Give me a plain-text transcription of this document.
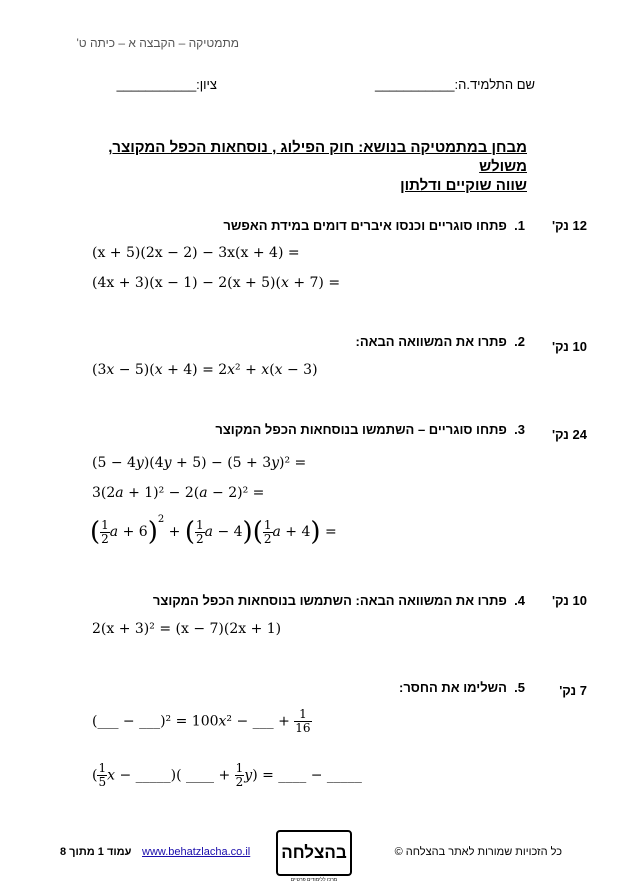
מתמטיקה – הקבצה א – כיתה ט'
שם התלמיד.ה:___________
ציון:___________
מבחן במתמטיקה בנושא: חוק הפילוג , נוסחאות הכפל המקוצר, משולש
שווה שוקיים ודלתון
12 נק'
1.  פתחו סוגריים וכנסו איברים דומים במידת האפשר
(x + 5)(2x − 2) − 3x(x + 4) =
(4x + 3)(x − 1) − 2(x + 5)(𝑥 + 7) =
10 נק'
2.  פתרו את המשוואה הבאה:
(3𝑥 − 5)(𝑥 + 4) = 2𝑥² + 𝑥(𝑥 − 3)
24 נק'
3.  פתחו סוגריים – השתמשו בנוסחאות הכפל המקוצר
(5 − 4𝑦)(4𝑦 + 5) − (5 + 3𝑦)² =
3(2𝑎 + 1)² − 2(𝑎 − 2)² =
( $\frac{1}{2}$ 𝑎 + 6)$^2$ + ( $\frac{1}{2}$ 𝑎 − $4)( \frac{1}{2}$ 𝑎 + 4) =
10 נק'
4.  פתרו את המשוואה הבאה: השתמשו בנוסחאות הכפל המקוצר
2(x + 3)² = (x − 7)(2x + 1)
7 נק'
5.  השלימו את החסר:
(___ − ___)² = 100𝑥² − ___ + $\frac{1}{16}$
( $\frac{1}{5}$ 𝑥 − _____)( ____ + $\frac{1}{2}$ 𝑦) = ____ − _____
עמוד 1 מתוך 8 www.behatzlacha.co.il בהצלחה
מרכז ללימודים פרטיים
כל הזכויות שמורות לאתר בהצלחה ©
